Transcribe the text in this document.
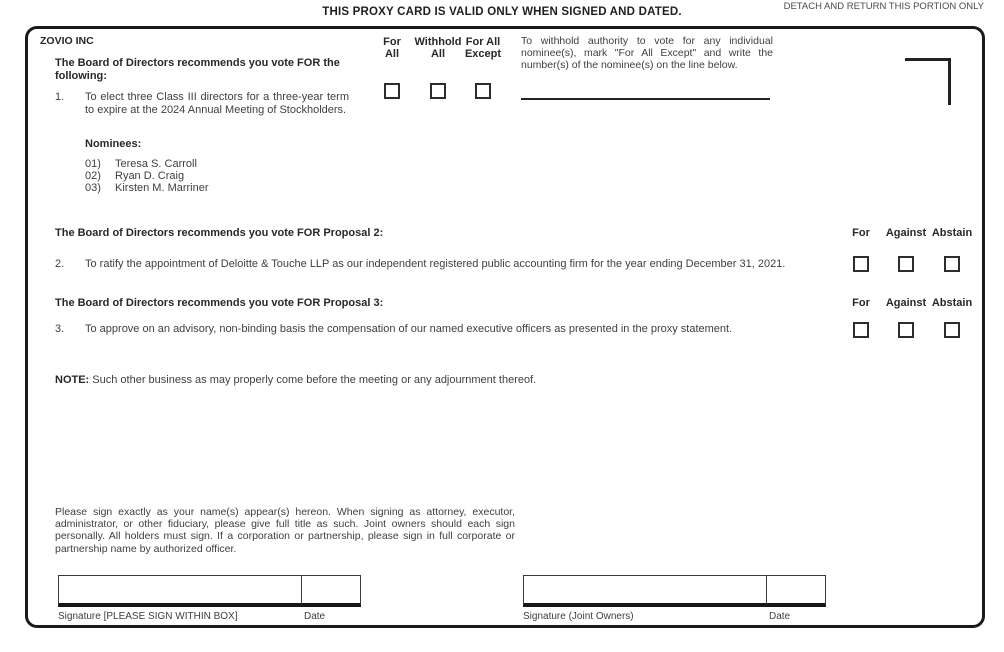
THIS PROXY CARD IS VALID ONLY WHEN SIGNED AND DATED.	DETACH AND RETURN THIS PORTION ONLY
ZOVIO INC
The Board of Directors recommends you vote FOR the following:
1. To elect three Class III directors for a three-year term to expire at the 2024 Annual Meeting of Stockholders.
Nominees:
01)	Teresa S. Carroll
02)	Ryan D. Craig
03)	Kirsten M. Marriner
For
All
Withhold
All
For All
Except
To withhold authority to vote for any individual nominee(s), mark "For All Except" and write the number(s) of the nominee(s) on the line below.
The Board of Directors recommends you vote FOR Proposal 2:	For	Against Abstain
2. To ratify the appointment of Deloitte & Touche LLP as our independent registered public accounting firm for the year ending December 31, 2021.
The Board of Directors recommends you vote FOR Proposal 3:	For	Against Abstain
3. To approve on an advisory, non-binding basis the compensation of our named executive officers as presented in the proxy statement.
NOTE: Such other business as may properly come before the meeting or any adjournment thereof.
Please sign exactly as your name(s) appear(s) hereon. When signing as attorney, executor, administrator, or other fiduciary, please give full title as such. Joint owners should each sign personally. All holders must sign. If a corporation or partnership, please sign in full corporate or partnership name by authorized officer.
Signature [PLEASE SIGN WITHIN BOX]	Date	Signature (Joint Owners)	Date
